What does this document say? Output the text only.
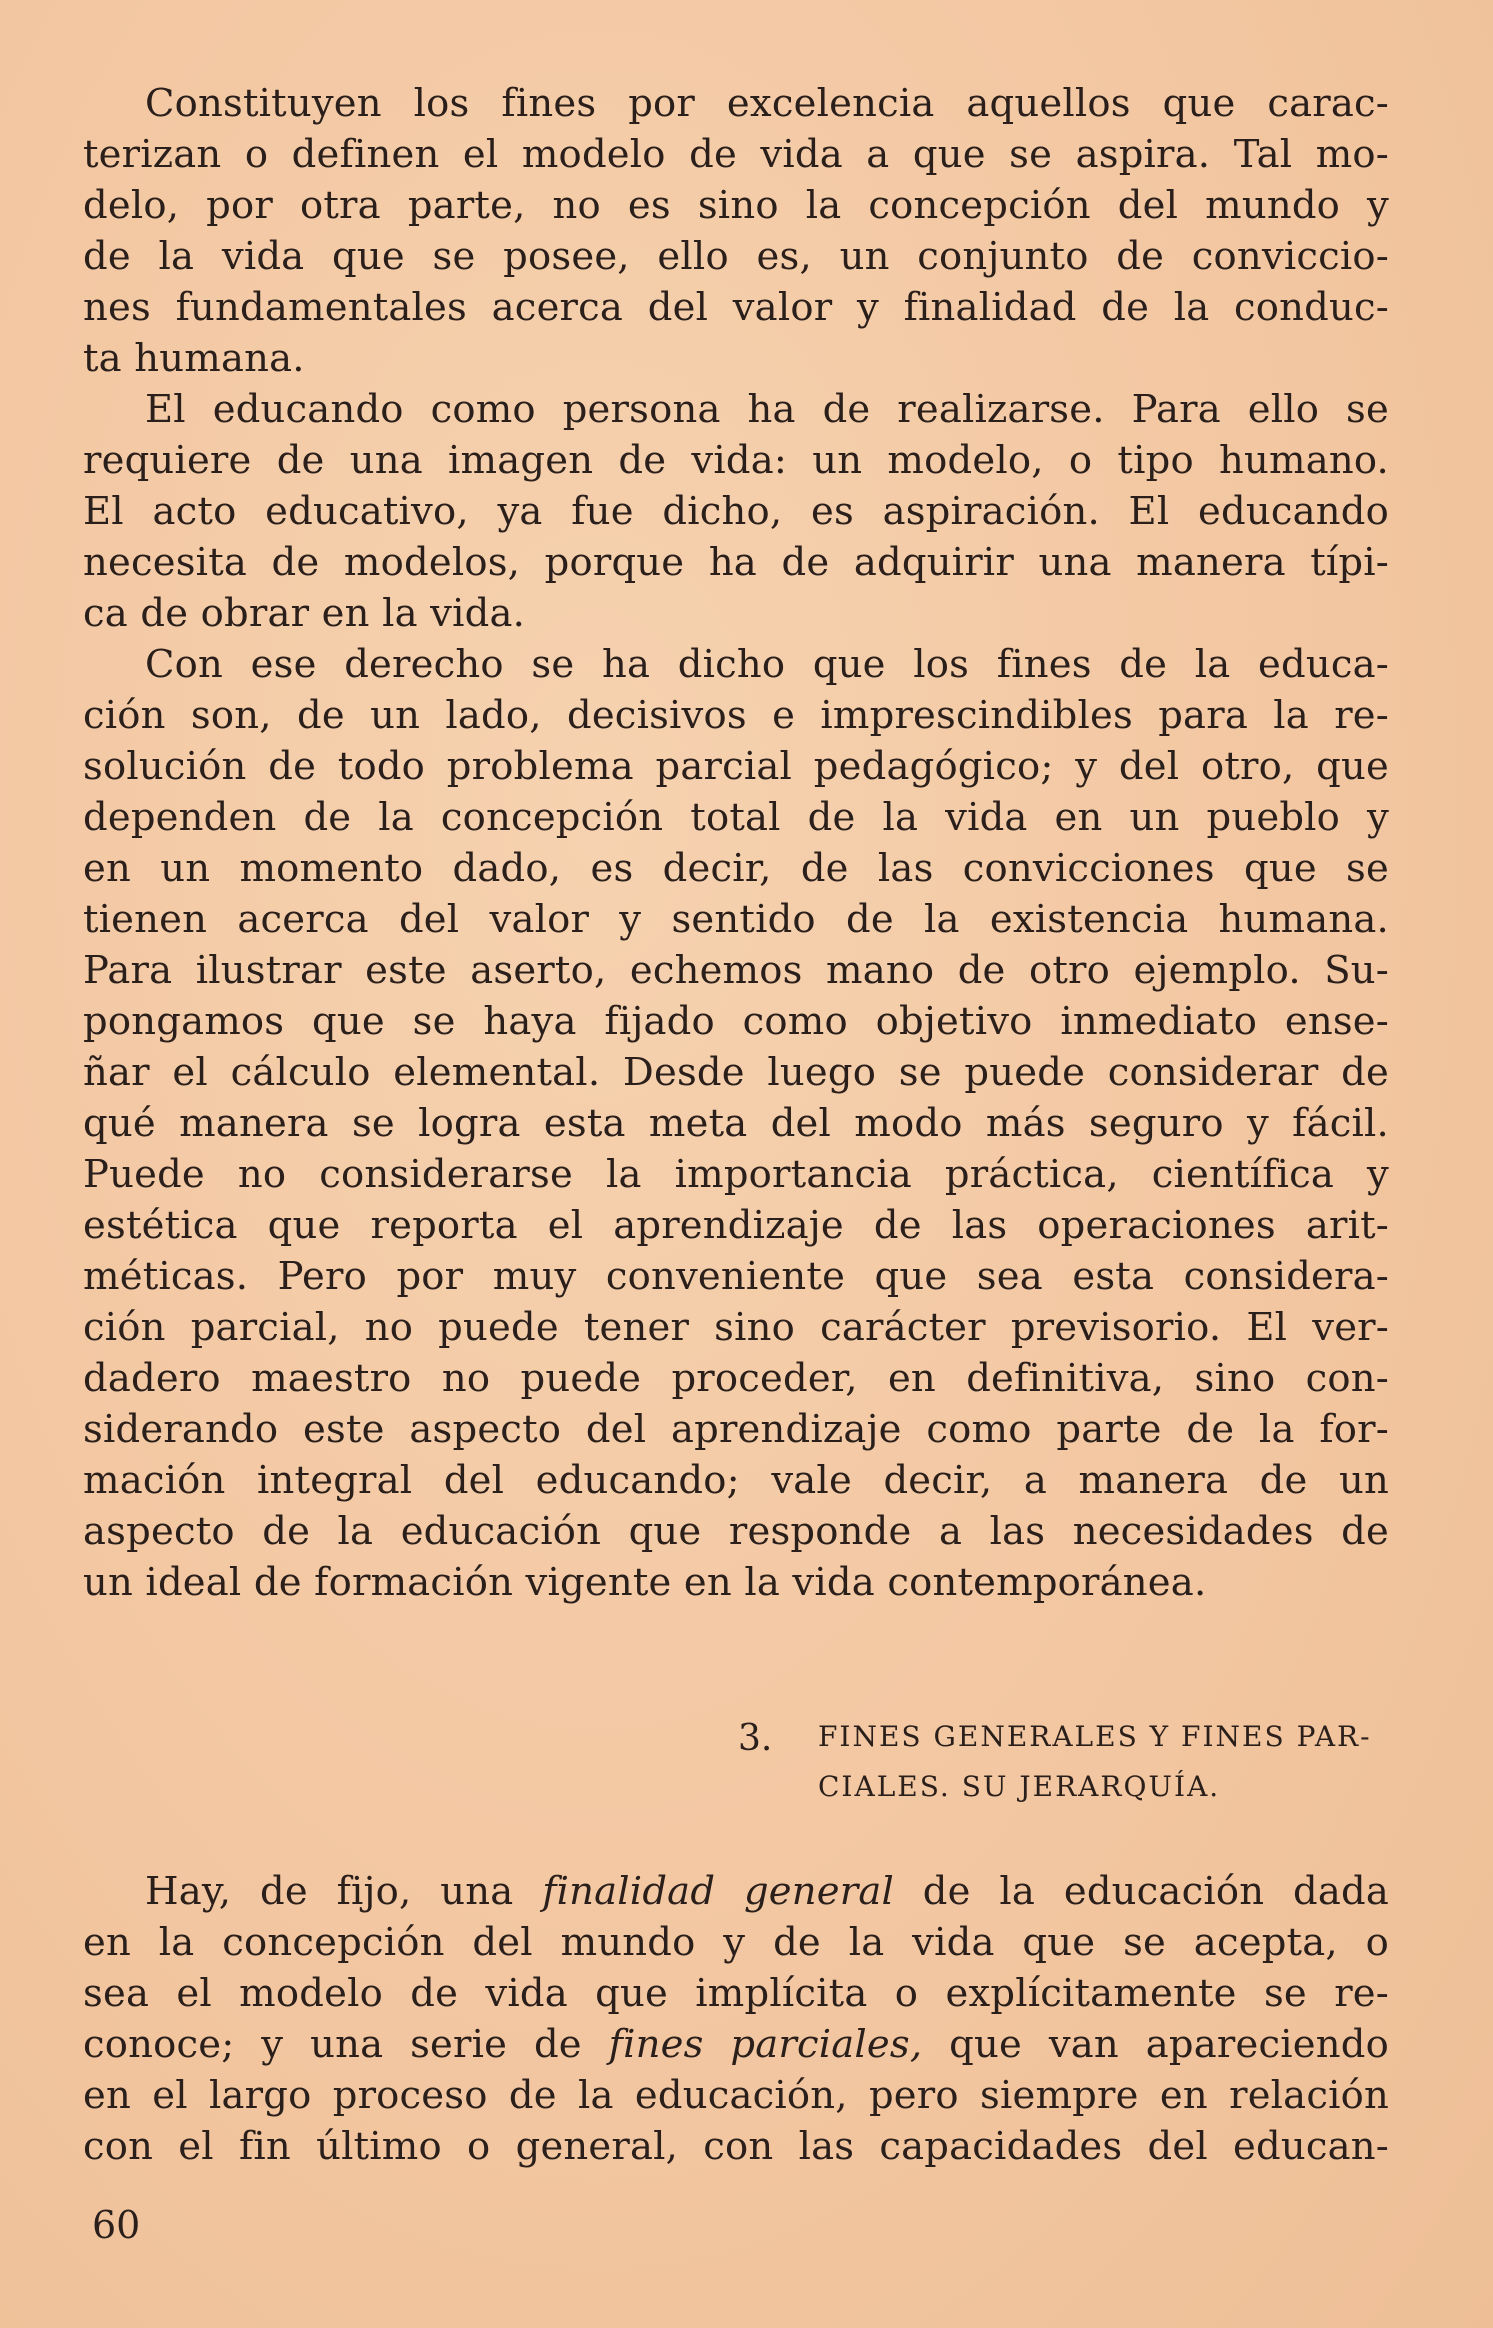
Constituyen los fines por excelencia aquellos que carac-
terizan o definen el modelo de vida a que se aspira. Tal mo-
delo, por otra parte, no es sino la concepción del mundo y
de la vida que se posee, ello es, un conjunto de conviccio-
nes fundamentales acerca del valor y finalidad de la conduc-
ta humana.
El educando como persona ha de realizarse. Para ello se
requiere de una imagen de vida: un modelo, o tipo humano.
El acto educativo, ya fue dicho, es aspiración. El educando
necesita de modelos, porque ha de adquirir una manera típi-
ca de obrar en la vida.
Con ese derecho se ha dicho que los fines de la educa-
ción son, de un lado, decisivos e imprescindibles para la re-
solución de todo problema parcial pedagógico; y del otro, que
dependen de la concepción total de la vida en un pueblo y
en un momento dado, es decir, de las convicciones que se
tienen acerca del valor y sentido de la existencia humana.
Para ilustrar este aserto, echemos mano de otro ejemplo. Su-
pongamos que se haya fijado como objetivo inmediato ense-
ñar el cálculo elemental. Desde luego se puede considerar de
qué manera se logra esta meta del modo más seguro y fácil.
Puede no considerarse la importancia práctica, científica y
estética que reporta el aprendizaje de las operaciones arit-
méticas. Pero por muy conveniente que sea esta considera-
ción parcial, no puede tener sino carácter previsorio. El ver-
dadero maestro no puede proceder, en definitiva, sino con-
siderando este aspecto del aprendizaje como parte de la for-
mación integral del educando; vale decir, a manera de un
aspecto de la educación que responde a las necesidades de
un ideal de formación vigente en la vida contemporánea.
3. FINES GENERALES Y FINES PAR-
CIALES. SU JERARQUÍA.
Hay, de fijo, una finalidad general de la educación dada
en la concepción del mundo y de la vida que se acepta, o
sea el modelo de vida que implícita o explícitamente se re-
conoce; y una serie de fines parciales, que van apareciendo
en el largo proceso de la educación, pero siempre en relación
con el fin último o general, con las capacidades del educan-
60
